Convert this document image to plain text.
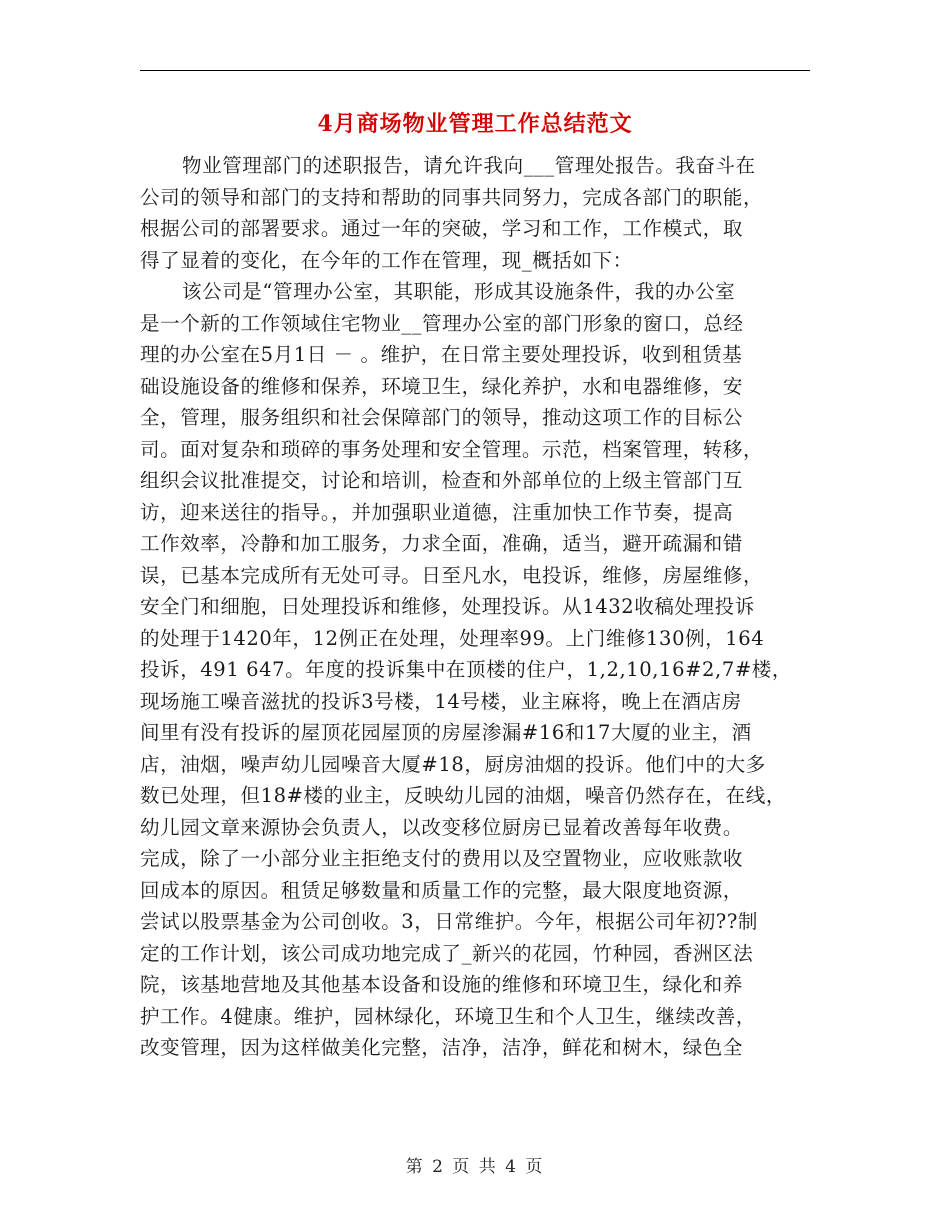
4月商场物业管理工作总结范文
物业管理部门的述职报告，请允许我向___管理处报告。我奋斗在
公司的领导和部门的支持和帮助的同事共同努力，完成各部门的职能，
根据公司的部署要求。通过一年的突破，学习和工作，工作模式，取
得了显着的变化，在今年的工作在管理，现_概括如下：
该公司是“管理办公室，其职能，形成其设施条件，我的办公室
是一个新的工作领域住宅物业__管理办公室的部门形象的窗口，总经
理的办公室在5月1日 － 。维护，在日常主要处理投诉，收到租赁基
础设施设备的维修和保养，环境卫生，绿化养护，水和电器维修，安
全，管理，服务组织和社会保障部门的领导，推动这项工作的目标公
司。面对复杂和琐碎的事务处理和安全管理。示范，档案管理，转移，
组织会议批准提交，讨论和培训，检查和外部单位的上级主管部门互
访，迎来送往的指导。，并加强职业道德，注重加快工作节奏，提高
工作效率，冷静和加工服务，力求全面，准确，适当，避开疏漏和错
误，已基本完成所有无处可寻。日至凡水，电投诉，维修，房屋维修，
安全门和细胞，日处理投诉和维修，处理投诉。从1432收稿处理投诉
的处理于1420年，12例正在处理，处理率99。上门维修130例，164
投诉，491 647。年度的投诉集中在顶楼的住户，1,2,10,16#2,7#楼，
现场施工噪音滋扰的投诉3号楼，14号楼，业主麻将，晚上在酒店房
间里有没有投诉的屋顶花园屋顶的房屋渗漏#16和17大厦的业主，酒
店，油烟，噪声幼儿园噪音大厦#18，厨房油烟的投诉。他们中的大多
数已处理，但18#楼的业主，反映幼儿园的油烟，噪音仍然存在，在线，
幼儿园文章来源协会负责人，以改变移位厨房已显着改善每年收费。
完成，除了一小部分业主拒绝支付的费用以及空置物业，应收账款收
回成本的原因。租赁足够数量和质量工作的完整，最大限度地资源，
尝试以股票基金为公司创收。3，日常维护。今年，根据公司年初??制
定的工作计划，该公司成功地完成了_新兴的花园，竹种园，香洲区法
院，该基地营地及其他基本设备和设施的维修和环境卫生，绿化和养
护工作。4健康。维护，园林绿化，环境卫生和个人卫生，继续改善，
改变管理，因为这样做美化完整，洁净，洁净，鲜花和树木，绿色全
第 2 页 共 4 页
